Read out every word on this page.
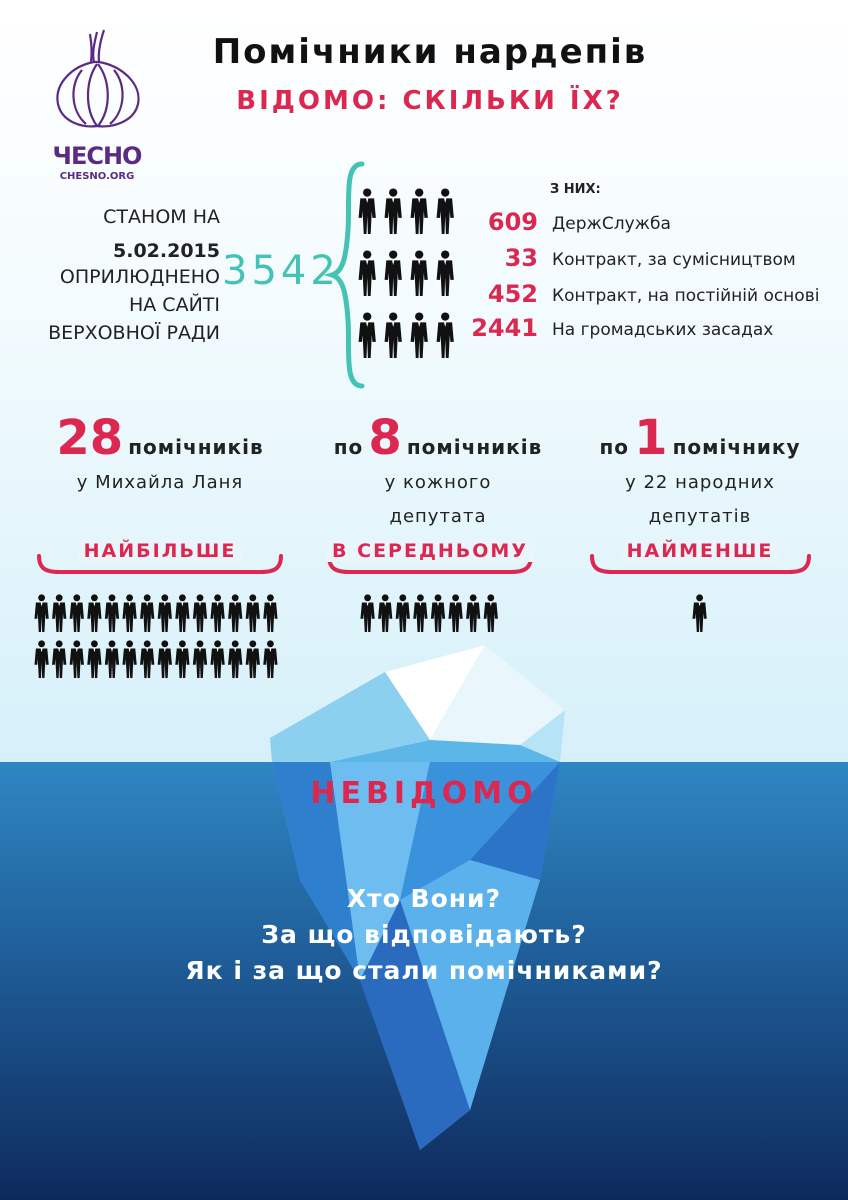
ЧЕСНО
CHESNO.ORG
Помічники нардепів
ВІДОМО: СКІЛЬКИ ЇХ?
СТАНОМ НА
5.02.2015
ОПРИЛЮДНЕНО
НА САЙТІ
ВЕРХОВНОЇ РАДИ
3542
З НИХ:
609 ДержСлужба
33 Контракт, за сумісництвом
452 Контракт, на постійній основі
2441 На громадських засадах
28 помічників
у Михайла Ланя
по 8 помічників
у кожного
депутата
по 1 помічнику
у 22 народних
депутатів
НАЙБІЛЬШЕ	В СЕРЕДНЬОМУ	НАЙМЕНШЕ
НЕВІДОМО
Хто Вони?
За що відповідають?
Як і за що стали помічниками?
